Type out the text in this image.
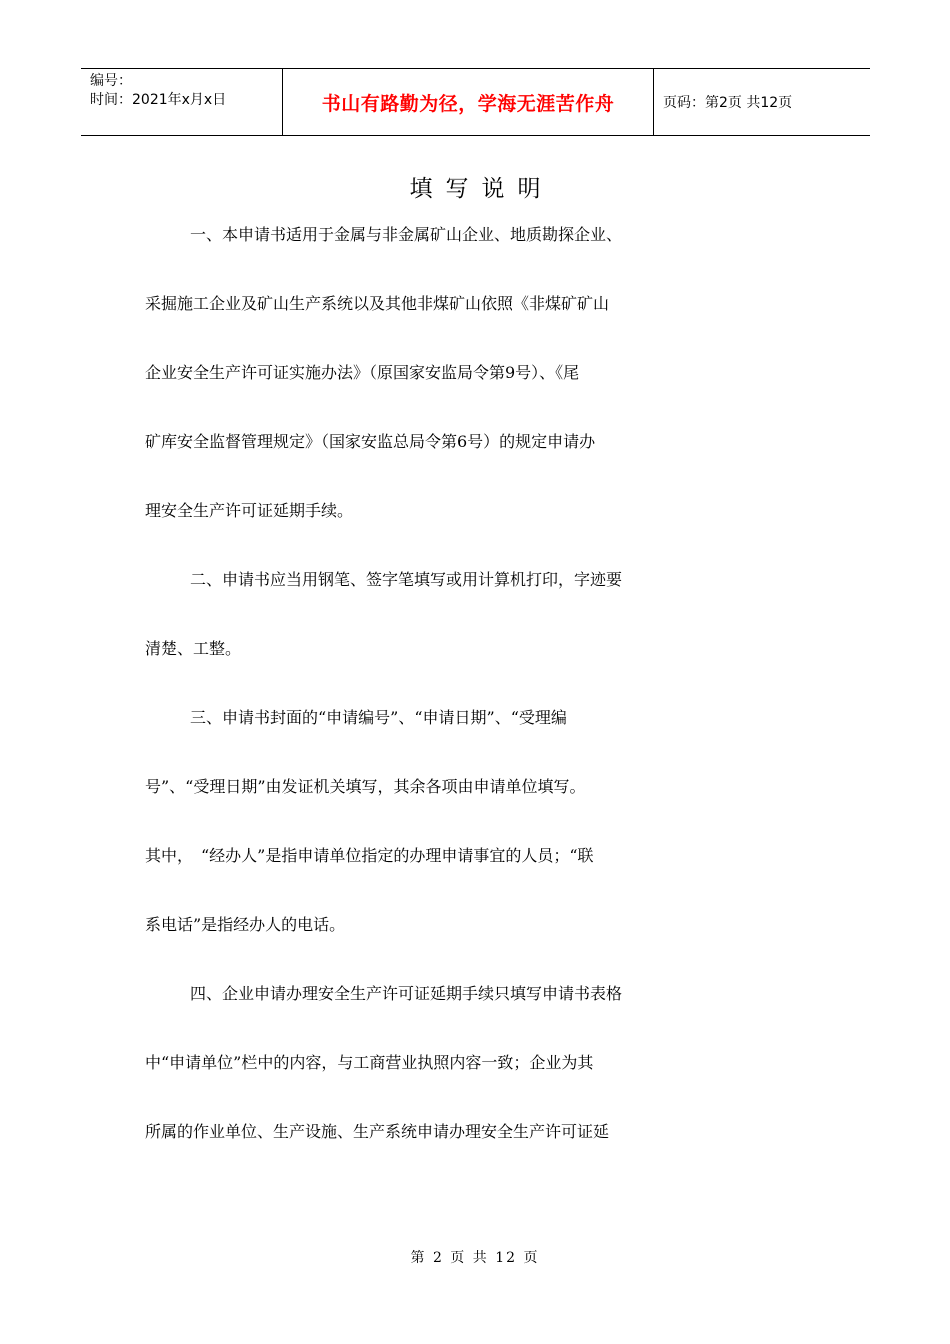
编号：
时间：2021年x月x日	书山有路勤为径，学海无涯苦作舟	页码：第2页 共12页
填写说明
一、本申请书适用于金属与非金属矿山企业、地质勘探企业、
采掘施工企业及矿山生产系统以及其他非煤矿山依照《非煤矿矿山
企业安全生产许可证实施办法》（原国家安监局令第9号）、《尾
矿库安全监督管理规定》（国家安监总局令第6号）的规定申请办
理安全生产许可证延期手续。
二、申请书应当用钢笔、签字笔填写或用计算机打印，字迹要
清楚、工整。
三、申请书封面的“申请编号”、“申请日期”、“受理编
号”、“受理日期”由发证机关填写，其余各项由申请单位填写。
其中，　“经办人”是指申请单位指定的办理申请事宜的人员；“联
系电话”是指经办人的电话。
四、企业申请办理安全生产许可证延期手续只填写申请书表格
中“申请单位”栏中的内容，与工商营业执照内容一致；企业为其
所属的作业单位、生产设施、生产系统申请办理安全生产许可证延
第 2 页 共 12 页
